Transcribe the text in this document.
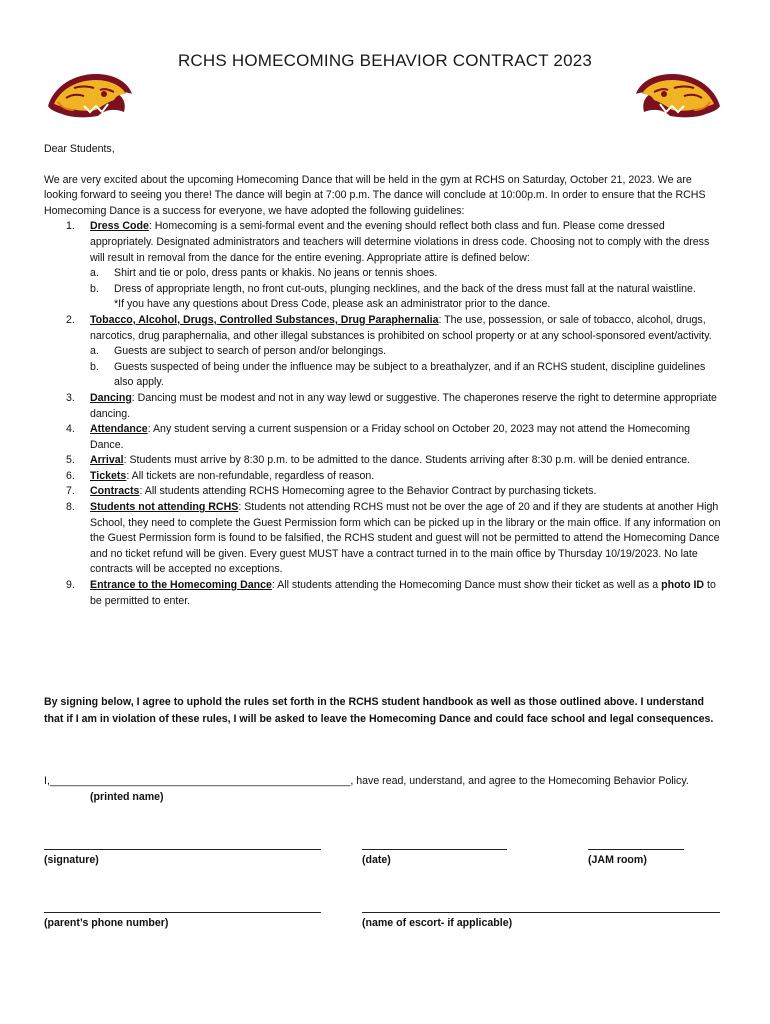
RCHS HOMECOMING BEHAVIOR CONTRACT 2023

Dear Students,

We are very excited about the upcoming Homecoming Dance that will be held in the gym at RCHS on Saturday, October 21, 2023. We are looking forward to seeing you there! The dance will begin at 7:00 p.m. The dance will conclude at 10:00p.m. In order to ensure that the RCHS Homecoming Dance is a success for everyone, we have adopted the following guidelines:

1. Dress Code: Homecoming is a semi-formal event and the evening should reflect both class and fun. Please come dressed appropriately. Designated administrators and teachers will determine violations in dress code. Choosing not to comply with the dress will result in removal from the dance for the entire evening. Appropriate attire is defined below:
a. Shirt and tie or polo, dress pants or khakis. No jeans or tennis shoes.
b. Dress of appropriate length, no front cut-outs, plunging necklines, and the back of the dress must fall at the natural waistline.
*If you have any questions about Dress Code, please ask an administrator prior to the dance.
2. Tobacco, Alcohol, Drugs, Controlled Substances, Drug Paraphernalia: The use, possession, or sale of tobacco, alcohol, drugs, narcotics, drug paraphernalia, and other illegal substances is prohibited on school property or at any school-sponsored event/activity.
a. Guests are subject to search of person and/or belongings.
b. Guests suspected of being under the influence may be subject to a breathalyzer, and if an RCHS student, discipline guidelines also apply.
3. Dancing: Dancing must be modest and not in any way lewd or suggestive. The chaperones reserve the right to determine appropriate dancing.
4. Attendance: Any student serving a current suspension or a Friday school on October 20, 2023 may not attend the Homecoming Dance.
5. Arrival: Students must arrive by 8:30 p.m. to be admitted to the dance. Students arriving after 8:30 p.m. will be denied entrance.
6. Tickets: All tickets are non-refundable, regardless of reason.
7. Contracts: All students attending RCHS Homecoming agree to the Behavior Contract by purchasing tickets.
8. Students not attending RCHS: Students not attending RCHS must not be over the age of 20 and if they are students at another High School, they need to complete the Guest Permission form which can be picked up in the library or the main office. If any information on the Guest Permission form is found to be falsified, the RCHS student and guest will not be permitted to attend the Homecoming Dance and no ticket refund will be given. Every guest MUST have a contract turned in to the main office by Thursday 10/19/2023. No late contracts will be accepted no exceptions.
9. Entrance to the Homecoming Dance: All students attending the Homecoming Dance must show their ticket as well as a photo ID to be permitted to enter.
By signing below, I agree to uphold the rules set forth in the RCHS student handbook as well as those outlined above. I understand that if I am in violation of these rules, I will be asked to leave the Homecoming Dance and could face school and legal consequences.
I,___________________________________________________, have read, understand, and agree to the Homecoming Behavior Policy.
(printed name)
(signature)	(date)	(JAM room)
(parent’s phone number)	(name of escort- if applicable)
